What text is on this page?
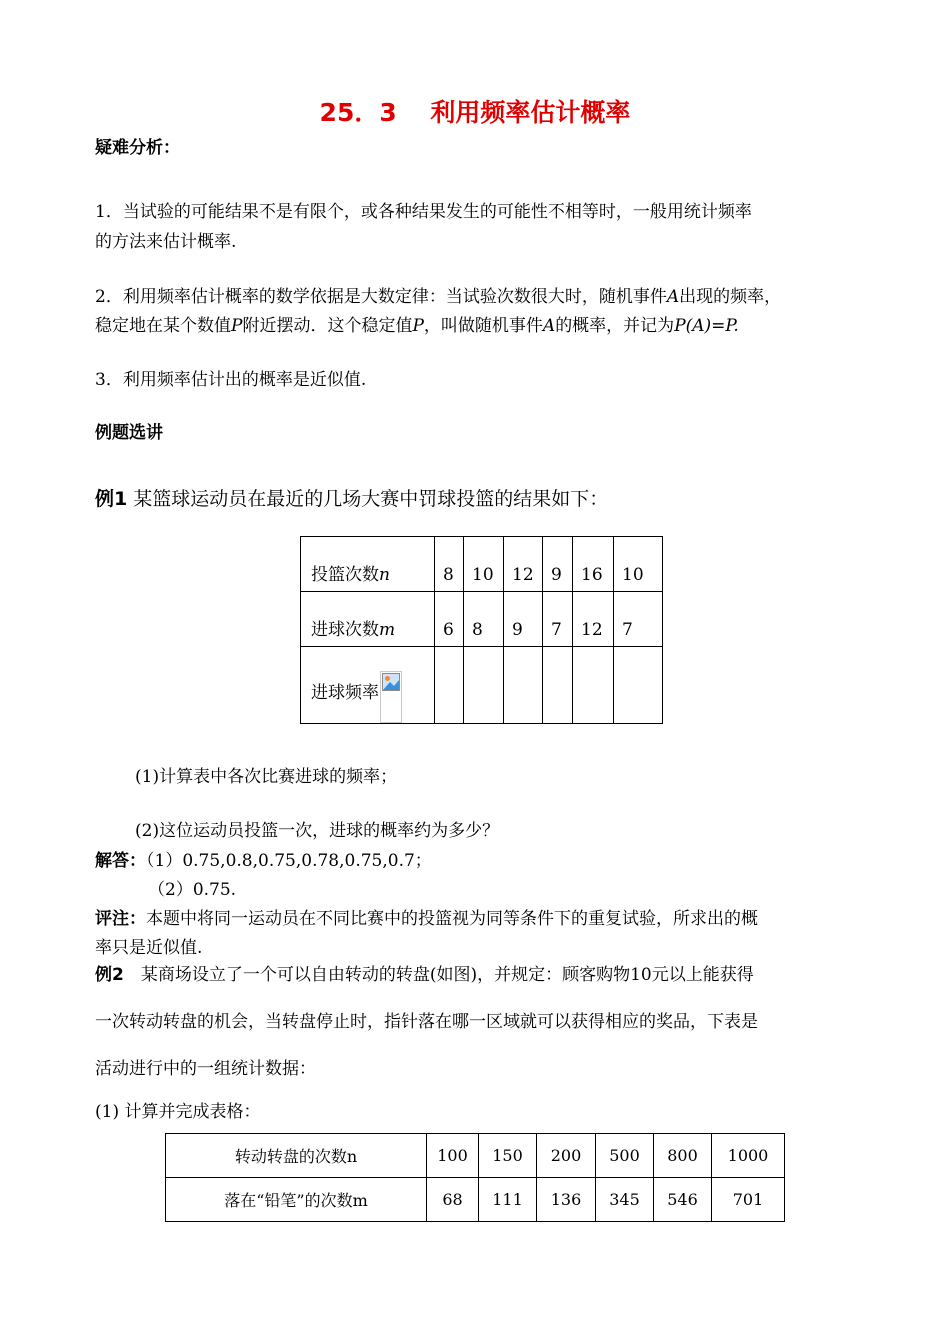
25．3　 利用频率估计概率
疑难分析：
1．当试验的可能结果不是有限个，或各种结果发生的可能性不相等时，一般用统计频率
的方法来估计概率.
2．利用频率估计概率的数学依据是大数定律：当试验次数很大时，随机事件A出现的频率，
稳定地在某个数值P附近摆动．这个稳定值P，叫做随机事件A的概率，并记为P(A)=P.
3．利用频率估计出的概率是近似值.
例题选讲
例1 某篮球运动员在最近的几场大赛中罚球投篮的结果如下：
投篮次数n	8	10	12	9	16	10
进球次数m	6	8	9	7	12	7
进球频率

(1)计算表中各次比赛进球的频率；
(2)这位运动员投篮一次，进球的概率约为多少？
解答：（1）0.75,0.8,0.75,0.78,0.75,0.7；
（2）0.75.
评注：本题中将同一运动员在不同比赛中的投篮视为同等条件下的重复试验，所求出的概
率只是近似值.
例2　某商场设立了一个可以自由转动的转盘(如图)，并规定：顾客购物10元以上能获得
一次转动转盘的机会，当转盘停止时，指针落在哪一区域就可以获得相应的奖品，下表是
活动进行中的一组统计数据：
(1) 计算并完成表格：
转动转盘的次数n	100	150	200	500	800	1000
落在“铅笔”的次数m	68	111	136	345	546	701
